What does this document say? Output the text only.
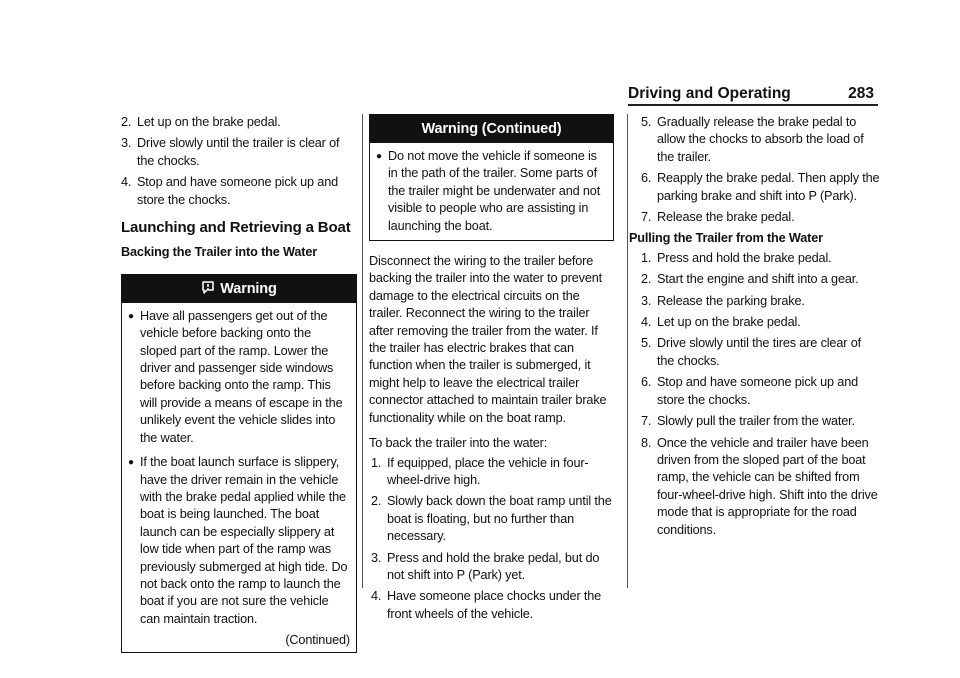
Driving and Operating	283
2. Let up on the brake pedal.
3. Drive slowly until the trailer is clear of the chocks.
4. Stop and have someone pick up and store the chocks.
Launching and Retrieving a Boat
Backing the Trailer into the Water
Warning
● Have all passengers get out of the vehicle before backing onto the sloped part of the ramp. Lower the driver and passenger side windows before backing onto the ramp. This will provide a means of escape in the unlikely event the vehicle slides into the water.
● If the boat launch surface is slippery, have the driver remain in the vehicle with the brake pedal applied while the boat is being launched. The boat launch can be especially slippery at low tide when part of the ramp was previously submerged at high tide. Do not back onto the ramp to launch the boat if you are not sure the vehicle can maintain traction.
(Continued)
Warning (Continued)
● Do not move the vehicle if someone is in the path of the trailer. Some parts of the trailer might be underwater and not visible to people who are assisting in launching the boat.
Disconnect the wiring to the trailer before backing the trailer into the water to prevent damage to the electrical circuits on the trailer. Reconnect the wiring to the trailer after removing the trailer from the water. If the trailer has electric brakes that can function when the trailer is submerged, it might help to leave the electrical trailer connector attached to maintain trailer brake functionality while on the boat ramp.
To back the trailer into the water:
1. If equipped, place the vehicle in four-wheel-drive high.
2. Slowly back down the boat ramp until the boat is floating, but no further than necessary.
3. Press and hold the brake pedal, but do not shift into P (Park) yet.
4. Have someone place chocks under the front wheels of the vehicle.
5. Gradually release the brake pedal to allow the chocks to absorb the load of the trailer.
6. Reapply the brake pedal. Then apply the parking brake and shift into P (Park).
7. Release the brake pedal.
Pulling the Trailer from the Water
1. Press and hold the brake pedal.
2. Start the engine and shift into a gear.
3. Release the parking brake.
4. Let up on the brake pedal.
5. Drive slowly until the tires are clear of the chocks.
6. Stop and have someone pick up and store the chocks.
7. Slowly pull the trailer from the water.
8. Once the vehicle and trailer have been driven from the sloped part of the boat ramp, the vehicle can be shifted from four-wheel-drive high. Shift into the drive mode that is appropriate for the road conditions.
